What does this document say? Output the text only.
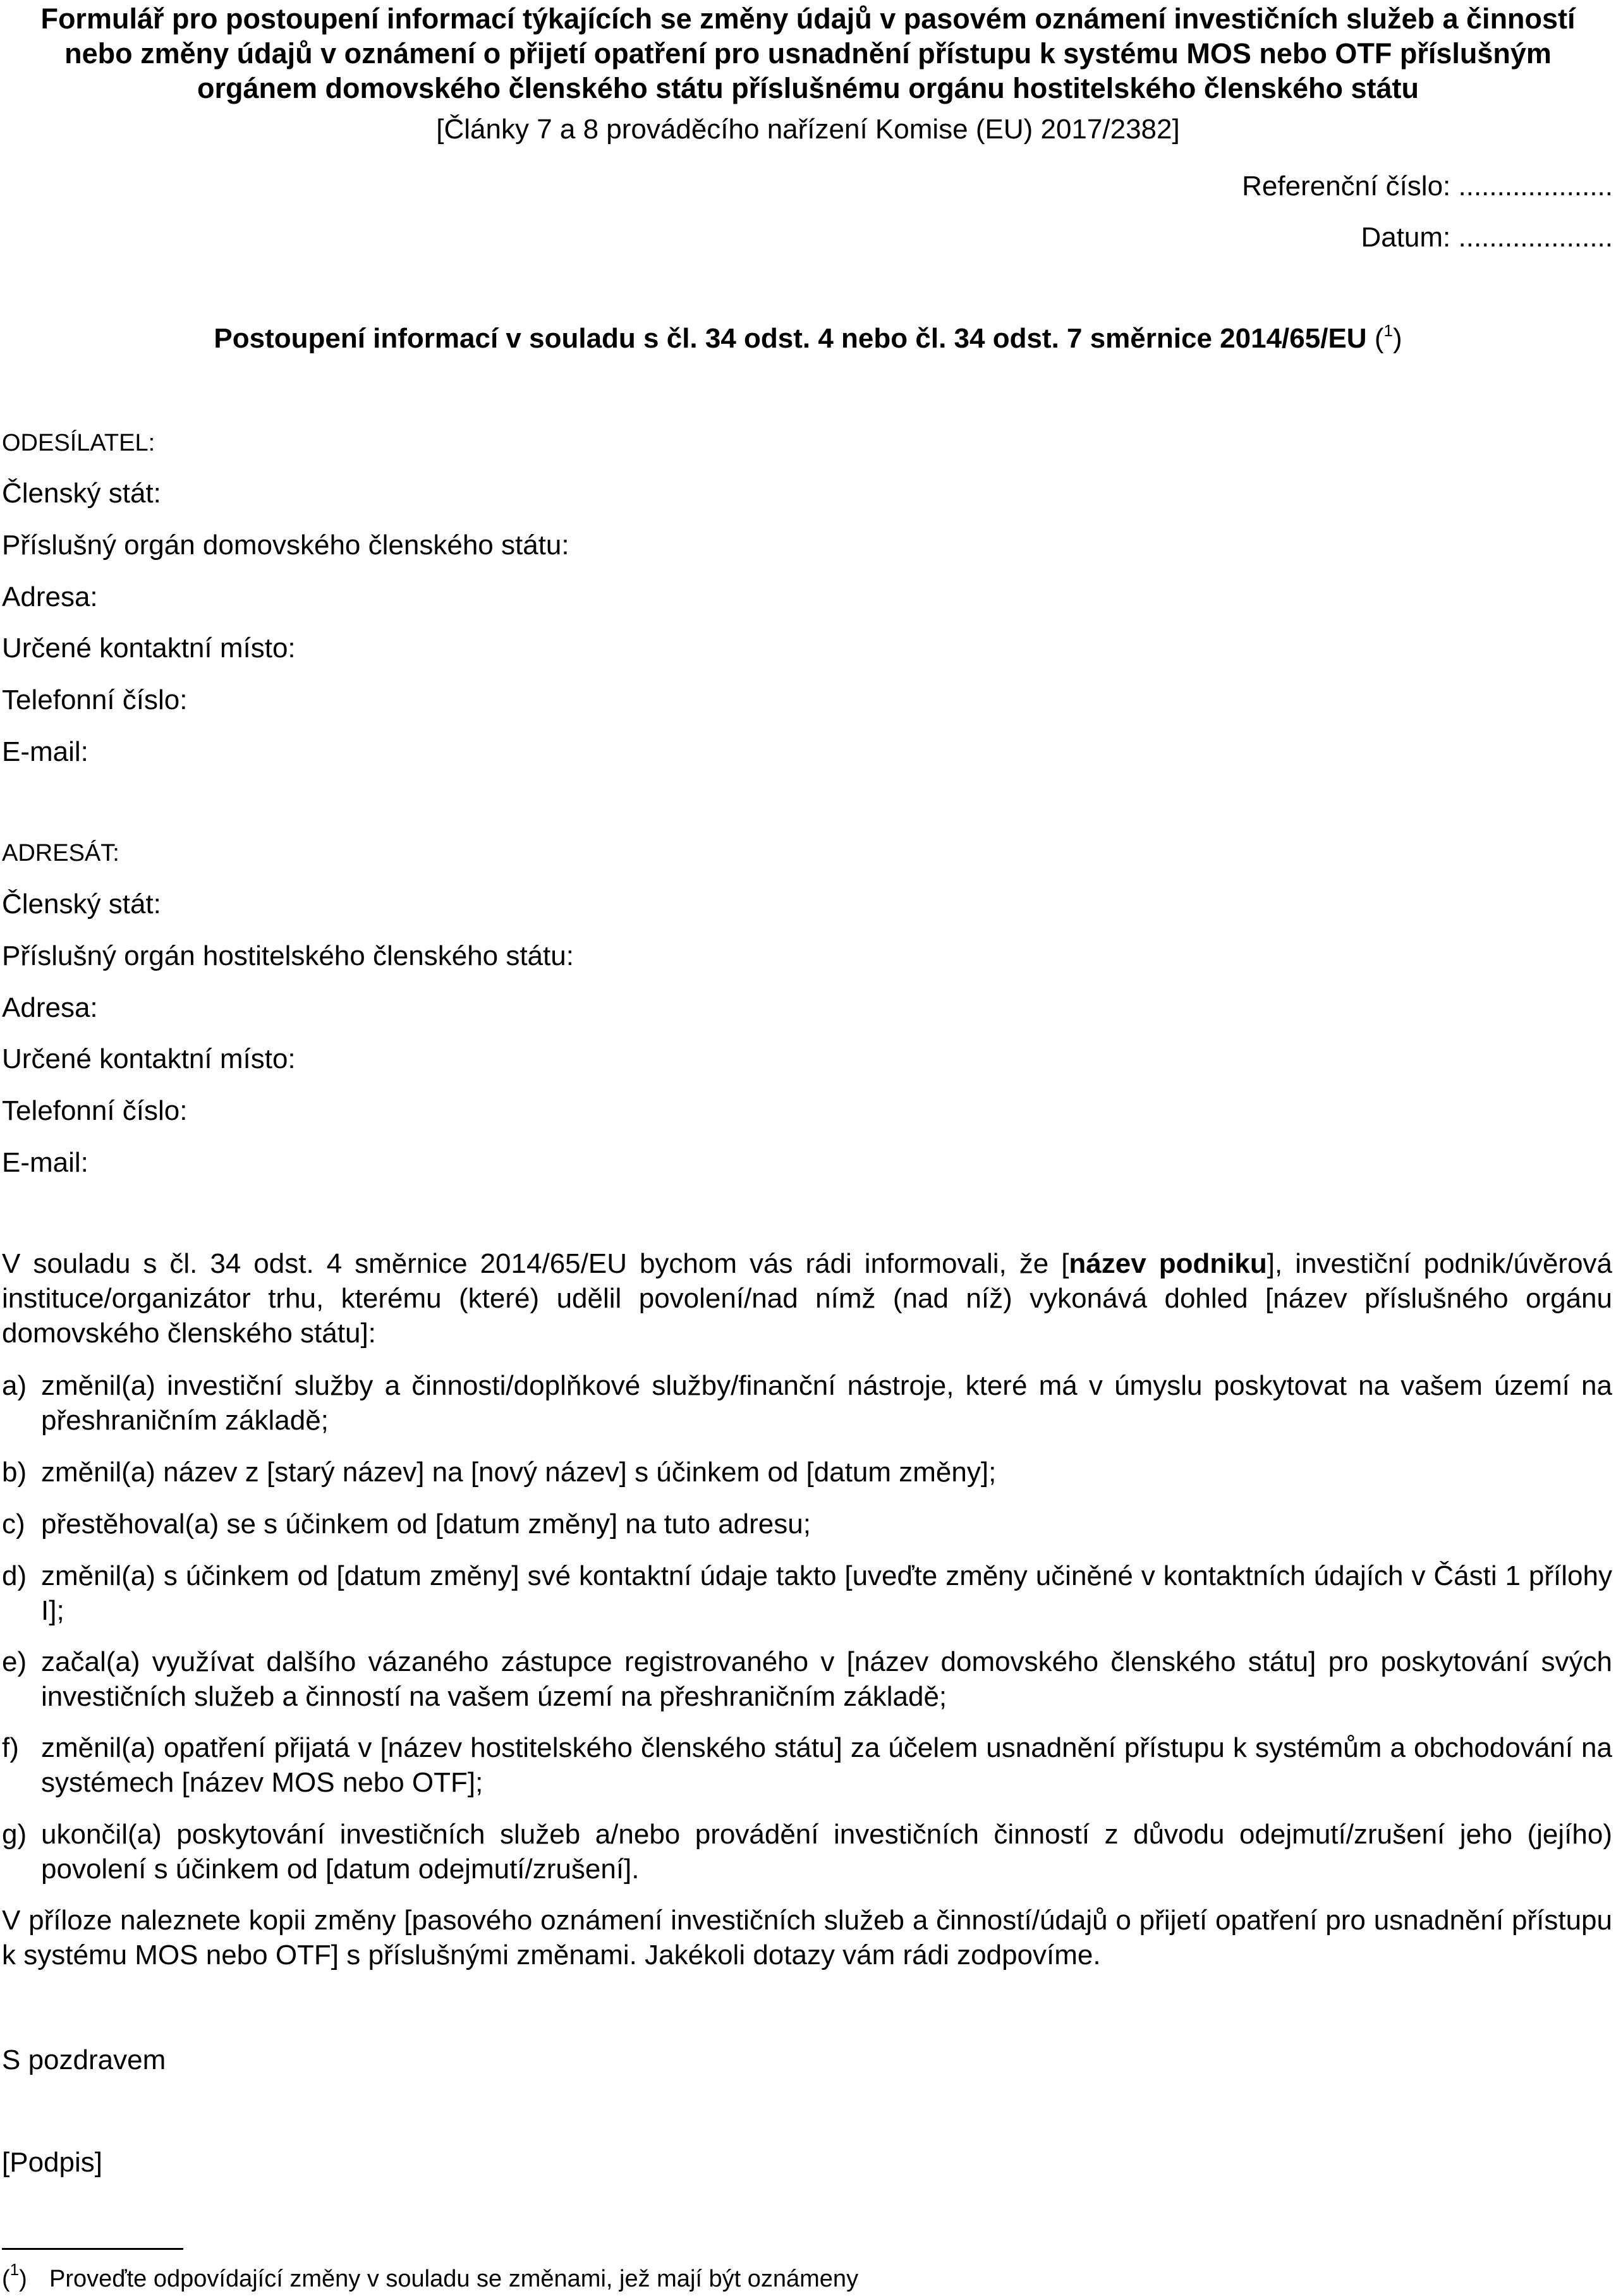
Formulář pro postoupení informací týkajících se změny údajů v pasovém oznámení investičních služeb a činností
nebo změny údajů v oznámení o přijetí opatření pro usnadnění přístupu k systému MOS nebo OTF příslušným
orgánem domovského členského státu příslušnému orgánu hostitelského členského státu
[Články 7 a 8 prováděcího nařízení Komise (EU) 2017/2382]
Referenční číslo: ....................
Datum: ....................
Postoupení informací v souladu s čl. 34 odst. 4 nebo čl. 34 odst. 7 směrnice 2014/65/EU ($^1$)
ODESÍLATEL:
Členský stát:
Příslušný orgán domovského členského státu:
Adresa:
Určené kontaktní místo:
Telefonní číslo:
E-mail:
ADRESÁT:
Členský stát:
Příslušný orgán hostitelského členského státu:
Adresa:
Určené kontaktní místo:
Telefonní číslo:
E-mail:
V souladu s čl. 34 odst. 4 směrnice 2014/65/EU bychom vás rádi informovali, že [název podniku], investiční podnik/úvěrová instituce/organizátor trhu, kterému (které) udělil povolení/nad nímž (nad níž) vykonává dohled [název příslušného orgánu domovského členského státu]:
a) změnil(a) investiční služby a činnosti/doplňkové služby/finanční nástroje, které má v úmyslu poskytovat na vašem území na přeshraničním základě;
b) změnil(a) název z [starý název] na [nový název] s účinkem od [datum změny];
c) přestěhoval(a) se s účinkem od [datum změny] na tuto adresu;
d) změnil(a) s účinkem od [datum změny] své kontaktní údaje takto [uveďte změny učiněné v kontaktních údajích v Části 1 přílohy I];
e) začal(a) využívat dalšího vázaného zástupce registrovaného v [název domovského členského státu] pro poskytování svých investičních služeb a činností na vašem území na přeshraničním základě;
f) změnil(a) opatření přijatá v [název hostitelského členského státu] za účelem usnadnění přístupu k systémům a obchodování na systémech [název MOS nebo OTF];
g) ukončil(a) poskytování investičních služeb a/nebo provádění investičních činností z důvodu odejmutí/zrušení jeho (jejího) povolení s účinkem od [datum odejmutí/zrušení].
V příloze naleznete kopii změny [pasového oznámení investičních služeb a činností/údajů o přijetí opatření pro usnadnění přístupu k systému MOS nebo OTF] s příslušnými změnami. Jakékoli dotazy vám rádi zodpovíme.
S pozdravem
[Podpis]
($^1$) Proveďte odpovídající změny v souladu se změnami, jež mají být oznámeny
